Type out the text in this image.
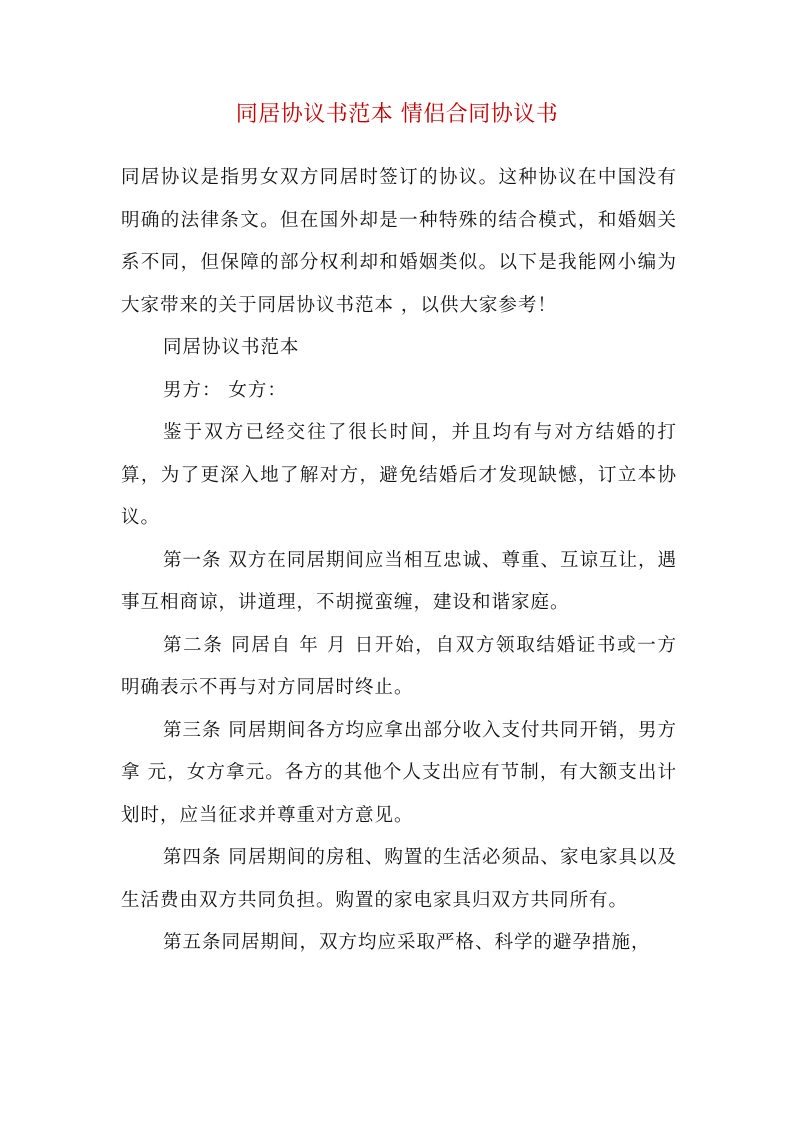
同居协议书范本 情侣合同协议书

同居协议是指男女双方同居时签订的协议。这种协议在中国没有明确的法律条文。但在国外却是一种特殊的结合模式，和婚姻关系不同，但保障的部分权利却和婚姻类似。以下是我能网小编为大家带来的关于同居协议书范本 ，以供大家参考！

同居协议书范本

男方： 女方：

鉴于双方已经交往了很长时间，并且均有与对方结婚的打算，为了更深入地了解对方，避免结婚后才发现缺憾，订立本协议。

第一条 双方在同居期间应当相互忠诚、尊重、互谅互让，遇事互相商谅，讲道理，不胡搅蛮缠，建设和谐家庭。

第二条 同居自 年 月 日开始，自双方领取结婚证书或一方明确表示不再与对方同居时终止。

第三条 同居期间各方均应拿出部分收入支付共同开销，男方拿 元，女方拿元。各方的其他个人支出应有节制，有大额支出计划时，应当征求并尊重对方意见。

第四条 同居期间的房租、购置的生活必须品、家电家具以及生活费由双方共同负担。购置的家电家具归双方共同所有。

第五条同居期间，双方均应采取严格、科学的避孕措施，
